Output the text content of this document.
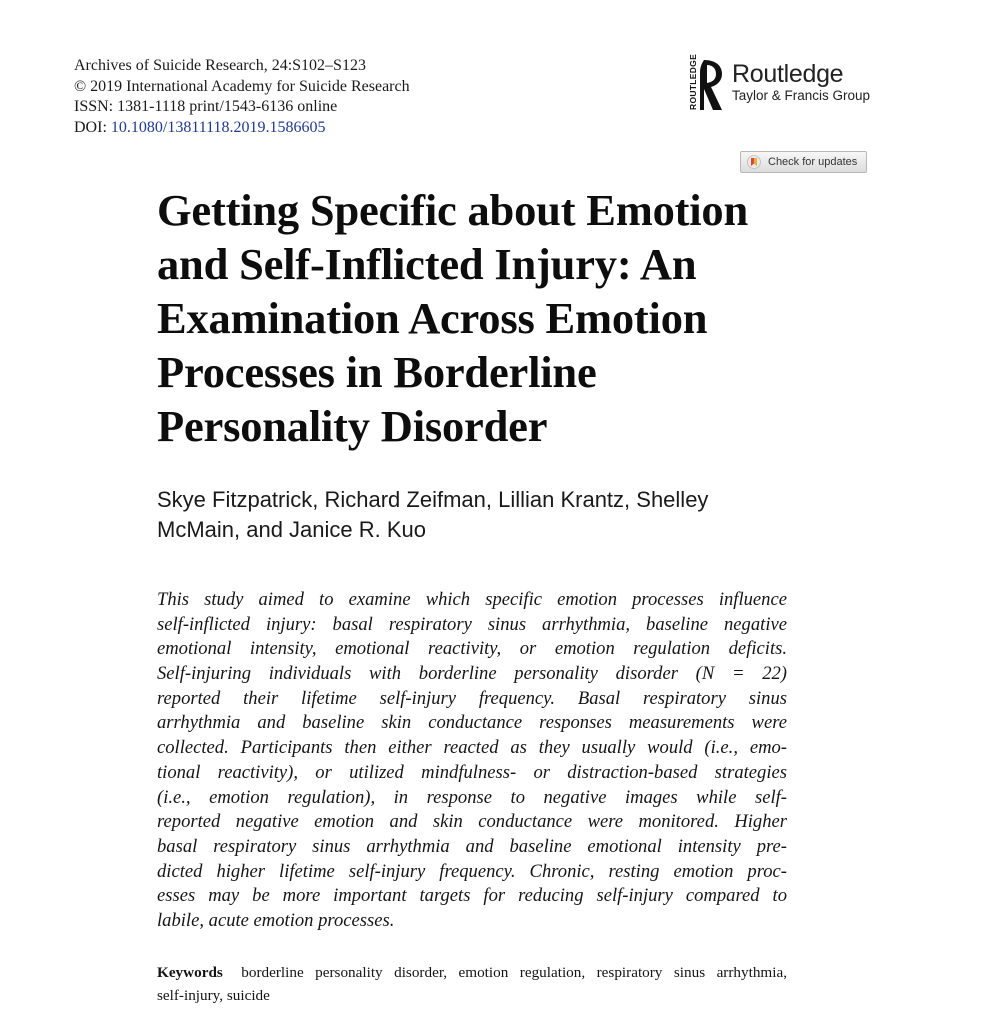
Archives of Suicide Research, 24:S102–S123
© 2019 International Academy for Suicide Research
ISSN: 1381-1118 print/1543-6136 online
DOI: 10.1080/13811118.2019.1586605
ROUTLEDGE Routledge
Taylor & Francis Group
Check for updates
Getting Specific about Emotion
and Self-Inflicted Injury: An
Examination Across Emotion
Processes in Borderline
Personality Disorder
Skye Fitzpatrick, Richard Zeifman, Lillian Krantz, Shelley
McMain, and Janice R. Kuo
This study aimed to examine which specific emotion processes influence
self-inflicted injury: basal respiratory sinus arrhythmia, baseline negative
emotional intensity, emotional reactivity, or emotion regulation deficits.
Self-injuring individuals with borderline personality disorder (N = 22)
reported their lifetime self-injury frequency. Basal respiratory sinus
arrhythmia and baseline skin conductance responses measurements were
collected. Participants then either reacted as they usually would (i.e., emo-
tional reactivity), or utilized mindfulness- or distraction-based strategies
(i.e., emotion regulation), in response to negative images while self-
reported negative emotion and skin conductance were monitored. Higher
basal respiratory sinus arrhythmia and baseline emotional intensity pre-
dicted higher lifetime self-injury frequency. Chronic, resting emotion proc-
esses may be more important targets for reducing self-injury compared to
labile, acute emotion processes.
Keywords borderline personality disorder, emotion regulation, respiratory sinus arrhythmia,
self-injury, suicide
